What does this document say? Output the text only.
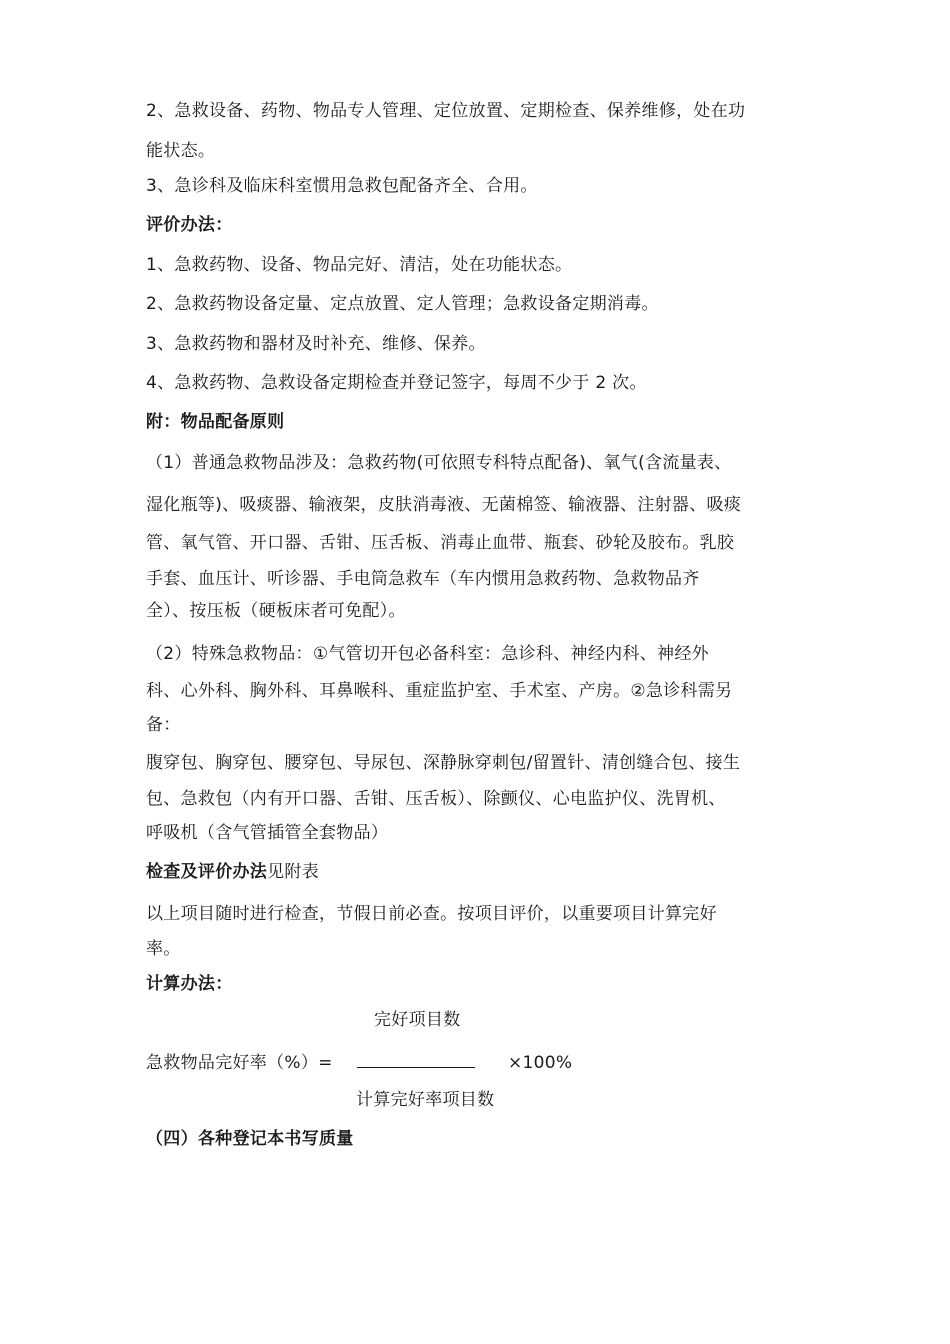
2、急救设备、药物、物品专人管理、定位放置、定期检查、保养维修，处在功
能状态。
3、急诊科及临床科室惯用急救包配备齐全、合用。
评价办法：
1、急救药物、设备、物品完好、清洁，处在功能状态。
2、急救药物设备定量、定点放置、定人管理；急救设备定期消毒。
3、急救药物和器材及时补充、维修、保养。
4、急救药物、急救设备定期检查并登记签字，每周不少于 2 次。
附：物品配备原则
（1）普通急救物品涉及：急救药物(可依照专科特点配备)、氧气(含流量表、
湿化瓶等)、吸痰器、输液架，皮肤消毒液、无菌棉签、输液器、注射器、吸痰
管、氧气管、开口器、舌钳、压舌板、消毒止血带、瓶套、砂轮及胶布。乳胶
手套、血压计、听诊器、手电筒急救车（车内惯用急救药物、急救物品齐
全）、按压板（硬板床者可免配）。
（2）特殊急救物品：①气管切开包必备科室：急诊科、神经内科、神经外
科、心外科、胸外科、耳鼻喉科、重症监护室、手术室、产房。②急诊科需另
备：
腹穿包、胸穿包、腰穿包、导尿包、深静脉穿刺包/留置针、清创缝合包、接生
包、急救包（内有开口器、舌钳、压舌板）、除颤仪、心电监护仪、洗胃机、
呼吸机（含气管插管全套物品）
检查及评价办法见附表
以上项目随时进行检查，节假日前必查。按项目评价，以重要项目计算完好
率。
计算办法：
完好项目数
急救物品完好率（%）=	×100%
计算完好率项目数
（四）各种登记本书写质量
